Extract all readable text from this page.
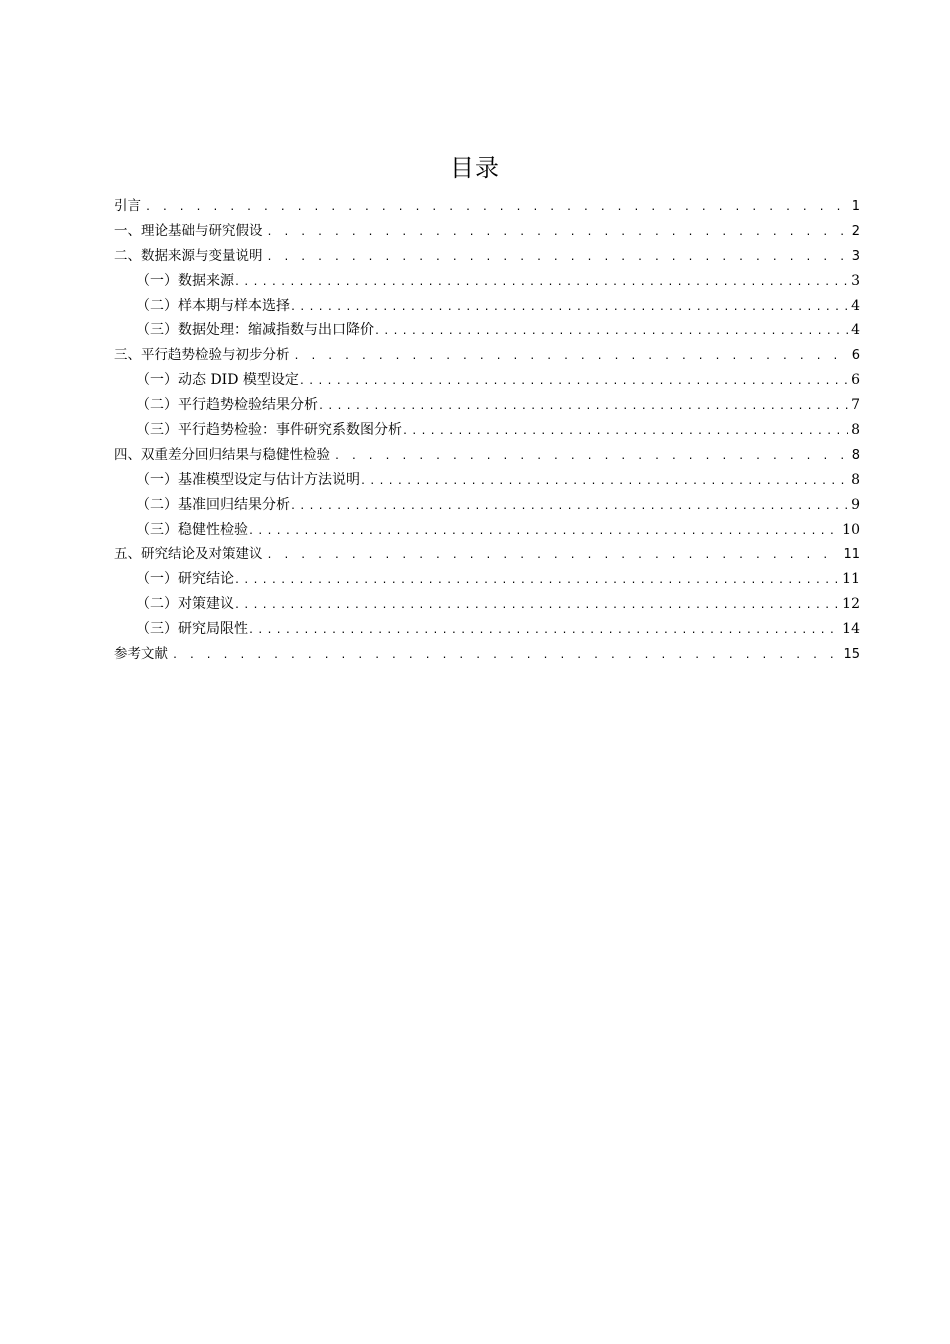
目录
引言 . . .	1
一、理论基础与研究假设 . . .	2
二、数据来源与变量说明 . . .	3
（一）数据来源 .....	3
（二）样本期与样本选择 .....	4
（三）数据处理：缩减指数与出口降价 .....	4
三、平行趋势检验与初步分析 . . .	6
（一）动态 DID 模型设定 .....	6
（二）平行趋势检验结果分析 .....	7
（三）平行趋势检验：事件研究系数图分析 .....	8
四、双重差分回归结果与稳健性检验 . . .	8
（一）基准模型设定与估计方法说明 .....	8
（二）基准回归结果分析 .....	9
（三）稳健性检验 .....	10
五、研究结论及对策建议 . . .	11
（一）研究结论 .....	11
（二）对策建议 .....	12
（三）研究局限性 .....	14
参考文献 . . .	15
